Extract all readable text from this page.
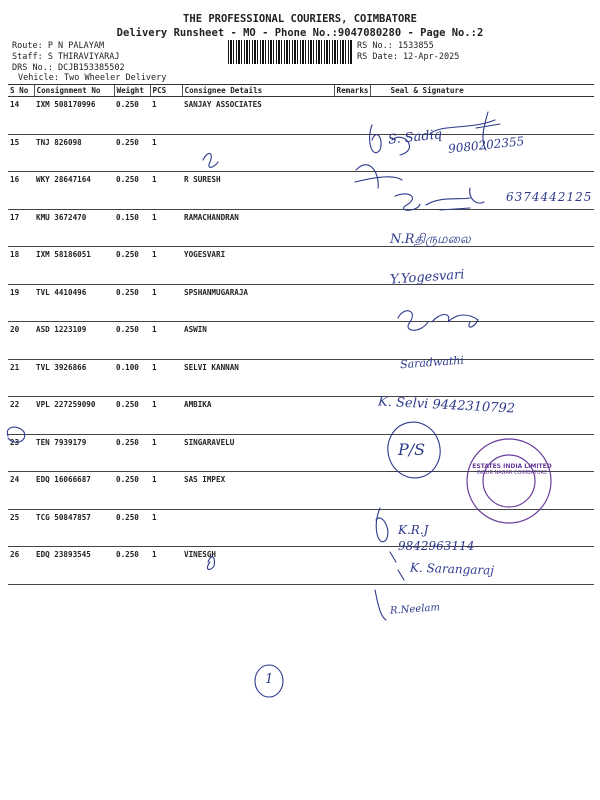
THE PROFESSIONAL COURIERS, COIMBATORE
Delivery Runsheet - MO - Phone No.:9047080280 - Page No.:2
Route: P N PALAYAM
Staff: S THIRAVIYARAJ
DRS No.: DCJB153385502
Vehicle: Two Wheeler Delivery
RS No.: 1533855
RS Date: 12-Apr-2025
S No	Consignment No	Weight	PCS	Consignee Details	Remarks	Seal & Signature
14	IXM 508170996	0.250	1	SANJAY ASSOCIATES		
15	TNJ 826098	0.250	1			
16	WKY 28647164	0.250	1	R SURESH		
17	KMU 3672470	0.150	1	RAMACHANDRAN		
18	IXM 58186051	0.250	1	YOGESVARI		
19	TVL 4410496	0.250	1	SPSHANMUGARAJA		
20	ASD 1223109	0.250	1	ASWIN		
21	TVL 3926866	0.100	1	SELVI KANNAN		
22	VPL 227259090	0.250	1	AMBIKA		
23	TEN 7939179	0.250	1	SINGARAVELU		
24	EDQ 16066687	0.250	1	SAS IMPEX		
25	TCG 50847857	0.250	1			
26	EDQ 23893545	0.250	1	VINESGH		
S. Sadiq 9080202355
6374442125
N.Rதிருமலை
Y.Yogesvari
Saradwathi
K. Selvi 9442310792
P/S
K.R.J 9842963114
K. Sarangaraj
R.Neelam
1
ESTATES INDIA LIMITED
INGUR NAGAR COIMBATORE
